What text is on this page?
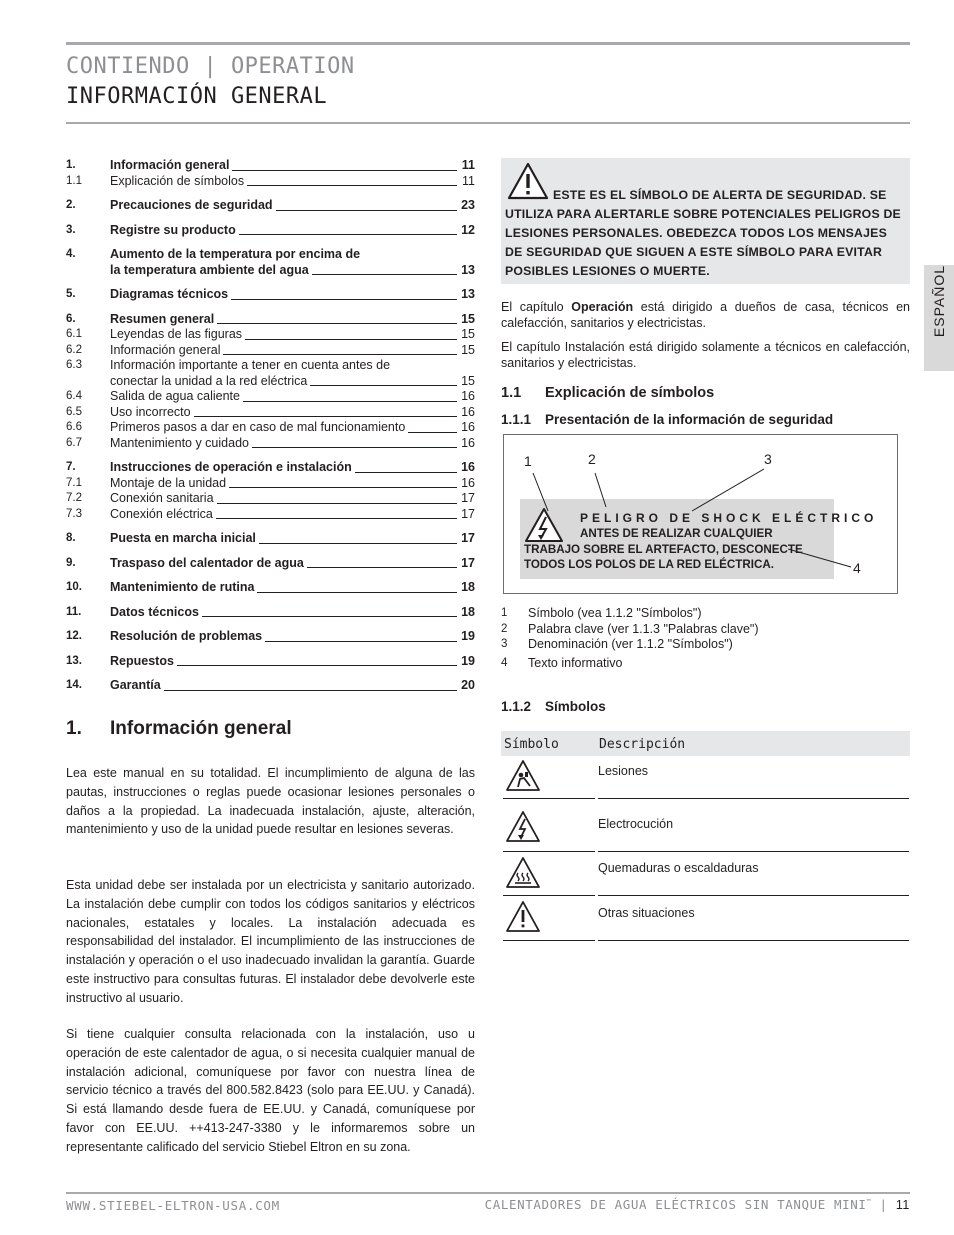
CONTIENDO | OPERATION
INFORMACIÓN GENERAL
ESPAÑOL
1.	Información general	11
1.1	Explicación de símbolos	11
2.	Precauciones de seguridad	23
3.	Registre su producto	12
4.	Aumento de la temperatura por encima de
la temperatura ambiente del agua	13
5.	Diagramas técnicos	13
6.	Resumen general	15
6.1	Leyendas de las figuras	15
6.2	Información general	15
6.3	Información importante a tener en cuenta antes de
conectar la unidad a la red eléctrica	15
6.4	Salida de agua caliente	16
6.5	Uso incorrecto	16
6.6	Primeros pasos a dar en caso de mal funcionamiento	16
6.7	Mantenimiento y cuidado	16
7.	Instrucciones de operación e instalación	16
7.1	Montaje de la unidad	16
7.2	Conexión sanitaria	17
7.3	Conexión eléctrica	17
8.	Puesta en marcha inicial	17
9.	Traspaso del calentador de agua	17
10.	Mantenimiento de rutina	18
11.	Datos técnicos	18
12.	Resolución de problemas	19
13.	Repuestos	19
14.	Garantía	20
1. Información general

Lea este manual en su totalidad. El incumplimiento de alguna de las pautas, instrucciones o reglas puede ocasionar lesiones personales o daños a la propiedad. La inadecuada instalación, ajuste, alteración, mantenimiento y uso de la unidad puede resultar en lesiones severas.

Esta unidad debe ser instalada por un electricista y sanitario autorizado. La instalación debe cumplir con todos los códigos sanitarios y eléctricos nacionales, estatales y locales. La instalación adecuada es responsabilidad del instalador. El incumplimiento de las instrucciones de instalación y operación o el uso inadecuado invalidan la garantía. Guarde este instructivo para consultas futuras. El instalador debe devolverle este instructivo al usuario.

Si tiene cualquier consulta relacionada con la instalación, uso u operación de este calentador de agua, o si necesita cualquier manual de instalación adicional, comuníquese por favor con nuestra línea de servicio técnico a través del 800.582.8423 (solo para EE.UU. y Canadá). Si está llamando desde fuera de EE.UU. y Canadá, comuníquese por favor con EE.UU. ++413-247-3380 y le informaremos sobre un representante calificado del servicio Stiebel Eltron en su zona.

ESTE ES EL SÍMBOLO DE ALERTA DE SEGURIDAD. SE UTILIZA PARA ALERTARLE SOBRE POTENCIALES PELIGROS DE LESIONES PERSONALES. OBEDEZCA TODOS LOS MENSAJES DE SEGURIDAD QUE SIGUEN A ESTE SÍMBOLO PARA EVITAR POSIBLES LESIONES O MUERTE.

El capítulo Operación está dirigido a dueños de casa, técnicos en calefacción, sanitarios y electricistas.

El capítulo Instalación está dirigido solamente a técnicos en calefacción, sanitarios y electricistas.

1.1 Explicación de símbolos
1.1.1 Presentación de la información de seguridad
1	2	3
4
PELIGRO DE SHOCK ELÉCTRICO

ANTES DE REALIZAR CUALQUIER TRABAJO SOBRE EL ARTEFACTO, DESCONECTE TODOS LOS POLOS DE LA RED ELÉCTRICA.

1	Símbolo (vea 1.1.2 "Símbolos")
2	Palabra clave (ver 1.1.3 "Palabras clave")
3	Denominación (ver 1.1.2 "Símbolos")
4	Texto informativo
1.1.2 Símbolos
Símbolo	Descripción
Lesiones
Electrocución
Quemaduras o escaldaduras
Otras situaciones
WWW.STIEBEL-ELTRON-USA.COM	CALENTADORES DE AGUA ELÉCTRICOS SIN TANQUE MINI™ | 11
